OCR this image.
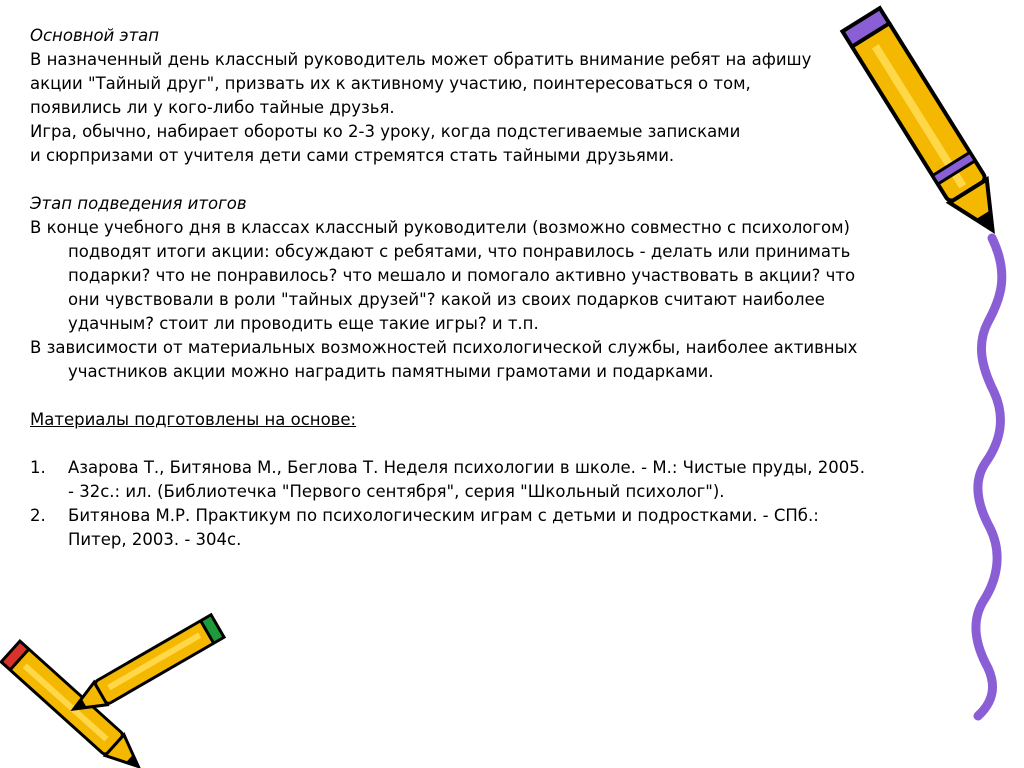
Основной этап
В назначенный день классный руководитель может обратить внимание ребят на афишу
акции "Тайный друг", призвать их к активному участию, поинтересоваться о том,
появились ли у кого-либо тайные друзья.
Игра, обычно, набирает обороты ко 2-3 уроку, когда подстегиваемые записками
и сюрпризами от учителя дети сами стремятся стать тайными друзьями.
Этап подведения итогов
В конце учебного дня в классах классный руководители (возможно совместно с психологом)
подводят итоги акции: обсуждают с ребятами, что понравилось - делать или принимать
подарки? что не понравилось? что мешало и помогало активно участвовать в акции? что
они чувствовали в роли "тайных друзей"? какой из своих подарков считают наиболее
удачным? стоит ли проводить еще такие игры? и т.п.
В зависимости от материальных возможностей психологической службы, наиболее активных
участников акции можно наградить памятными грамотами и подарками.
Материалы подготовлены на основе:
1. Азарова Т., Битянова М., Беглова Т. Неделя психологии в школе. - М.: Чистые пруды, 2005.
- 32с.: ил. (Библиотечка "Первого сентября", серия "Школьный психолог").
2. Битянова М.Р. Практикум по психологическим играм с детьми и подростками. - СПб.:
Питер, 2003. - 304с.
